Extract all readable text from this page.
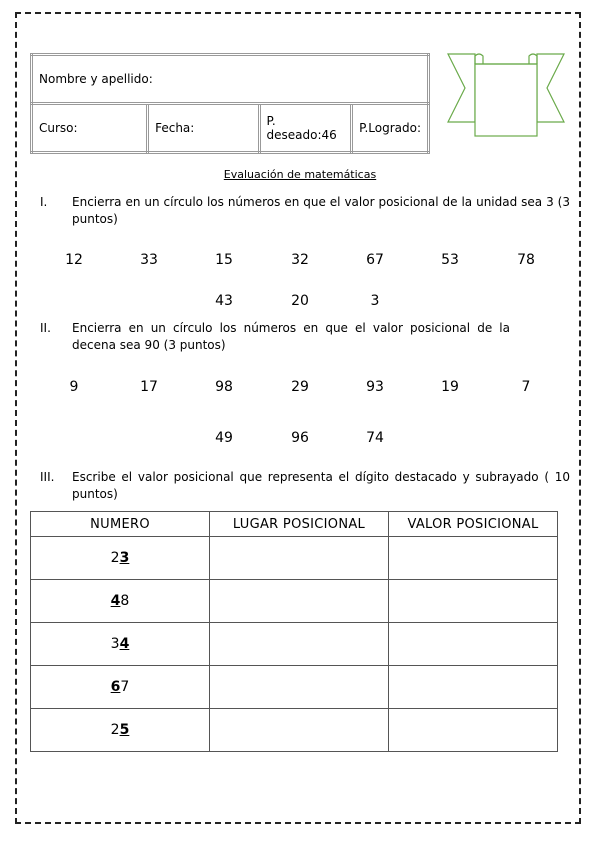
Nombre y apellido:
Curso:	Fecha:	P. deseado:46	P.Logrado:
Evaluación de matemáticas
I.	Encierra en un círculo los números en que el valor posicional de la unidad sea 3 (3 puntos)
12	33	15	32	67	53	78
43	20	3
II.	Encierra en un círculo los números en que el valor posicional de la decena sea 90 (3 puntos)
9	17	98	29	93	19	7
49	96	74
III.	Escribe el valor posicional que representa el dígito destacado y subrayado ( 10 puntos)
NUMERO	LUGAR POSICIONAL	VALOR POSICIONAL
23		
48		
34		
67		
25		
